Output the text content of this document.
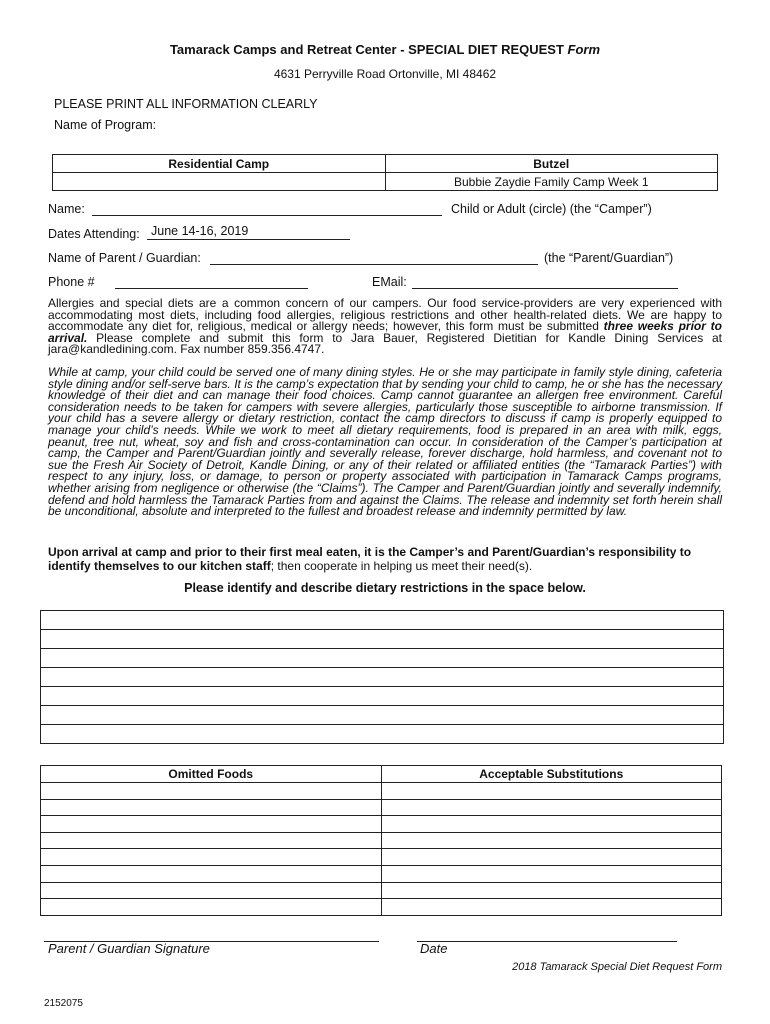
Tamarack Camps and Retreat Center - SPECIAL DIET REQUEST Form
4631 Perryville Road Ortonville, MI 48462
PLEASE PRINT ALL INFORMATION CLEARLY
Name of Program:
Residential Camp	Butzel
	Bubbie Zaydie Family Camp Week 1
Name:	Child or Adult (circle) (the “Camper”)
Dates Attending: June 14-16, 2019
Name of Parent / Guardian:	(the “Parent/Guardian”)
Phone #	EMail:
Allergies and special diets are a common concern of our campers. Our food service-providers are very experienced with accommodating most diets, including food allergies, religious restrictions and other health-related diets. We are happy to accommodate any diet for, religious, medical or allergy needs; however, this form must be submitted three weeks prior to arrival. Please complete and submit this form to Jara Bauer, Registered Dietitian for Kandle Dining Services at jara@kandledining.com. Fax number 859.356.4747.
While at camp, your child could be served one of many dining styles. He or she may participate in family style dining, cafeteria style dining and/or self-serve bars. It is the camp’s expectation that by sending your child to camp, he or she has the necessary knowledge of their diet and can manage their food choices. Camp cannot guarantee an allergen free environment. Careful consideration needs to be taken for campers with severe allergies, particularly those susceptible to airborne transmission. If your child has a severe allergy or dietary restriction, contact the camp directors to discuss if camp is properly equipped to manage your child’s needs. While we work to meet all dietary requirements, food is prepared in an area with milk, eggs, peanut, tree nut, wheat, soy and fish and cross-contamination can occur. In consideration of the Camper’s participation at camp, the Camper and Parent/Guardian jointly and severally release, forever discharge, hold harmless, and covenant not to sue the Fresh Air Society of Detroit, Kandle Dining, or any of their related or affiliated entities (the “Tamarack Parties”) with respect to any injury, loss, or damage, to person or property associated with participation in Tamarack Camps programs, whether arising from negligence or otherwise (the “Claims”). The Camper and Parent/Guardian jointly and severally indemnify, defend and hold harmless the Tamarack Parties from and against the Claims. The release and indemnity set forth herein shall be unconditional, absolute and interpreted to the fullest and broadest release and indemnity permitted by law.
Upon arrival at camp and prior to their first meal eaten, it is the Camper’s and Parent/Guardian’s responsibility to identify themselves to our kitchen staff; then cooperate in helping us meet their need(s).
Please identify and describe dietary restrictions in the space below.
Omitted Foods	Acceptable Substitutions

Parent / Guardian Signature	Date
2018 Tamarack Special Diet Request Form
2152075
